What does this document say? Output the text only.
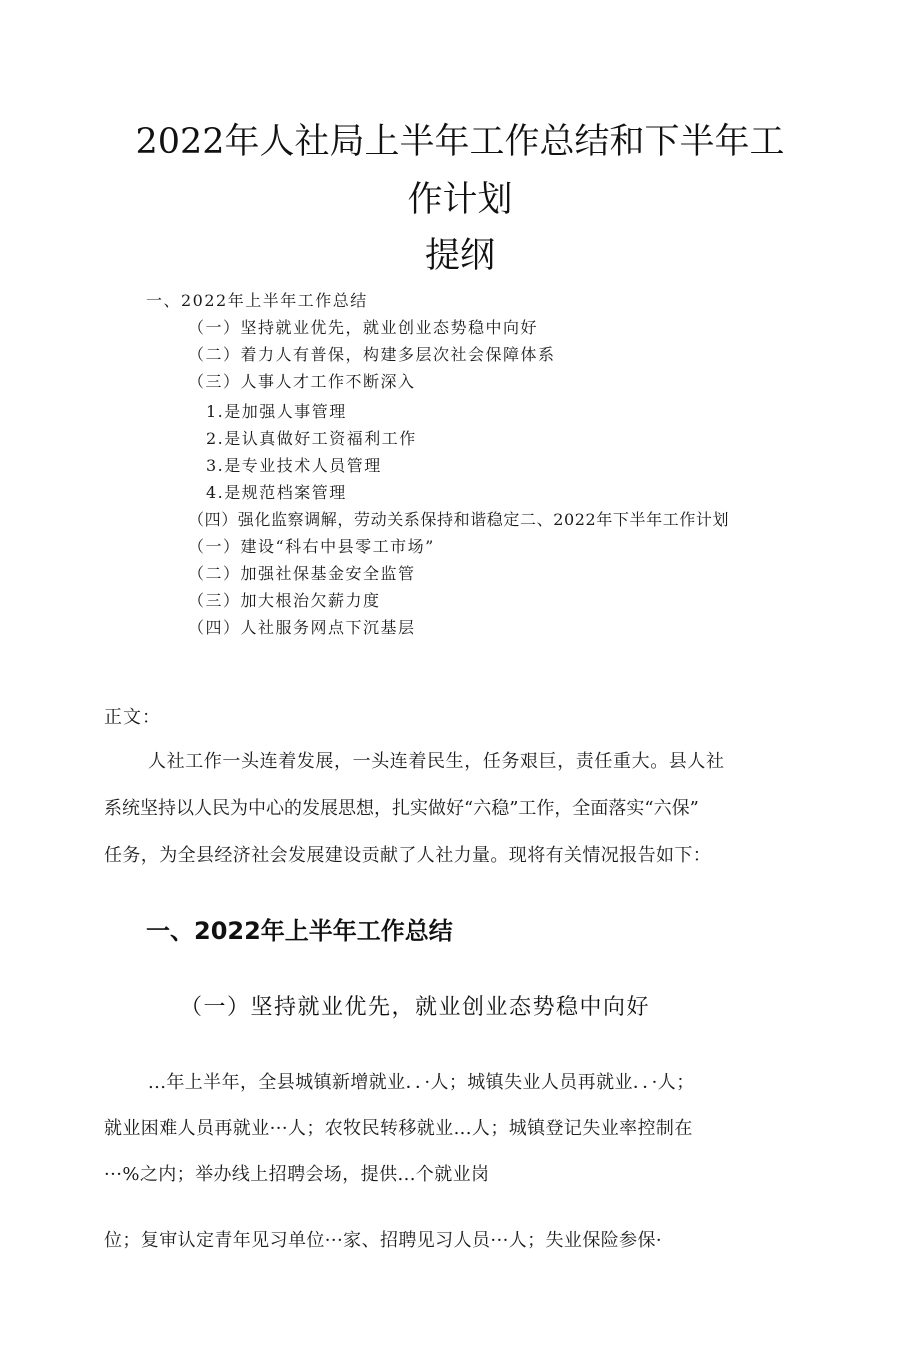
2022年人社局上半年工作总结和下半年工
作计划
提纲
一、2022年上半年工作总结
（一）坚持就业优先，就业创业态势稳中向好
（二）着力人有普保，构建多层次社会保障体系
（三）人事人才工作不断深入
1.是加强人事管理
2.是认真做好工资福利工作
3.是专业技术人员管理
4.是规范档案管理
（四）强化监察调解，劳动关系保持和谐稳定二、2022年下半年工作计划
（一）建设“科右中县零工市场”
（二）加强社保基金安全监管
（三）加大根治欠薪力度
（四）人社服务网点下沉基层
正文：
人社工作一头连着发展，一头连着民生，任务艰巨，责任重大。县人社
系统坚持以人民为中心的发展思想，扎实做好“六稳”工作，全面落实“六保”
任务，为全县经济社会发展建设贡献了人社力量。现将有关情况报告如下：
一、2022年上半年工作总结
（一）坚持就业优先，就业创业态势稳中向好
...年上半年，全县城镇新增就业．．·人；城镇失业人员再就业．．·人；
就业困难人员再就业···人；农牧民转移就业...人；城镇登记失业率控制在
···%之内；举办线上招聘会场，提供...个就业岗
位；复审认定青年见习单位···家、招聘见习人员···人；失业保险参保·
